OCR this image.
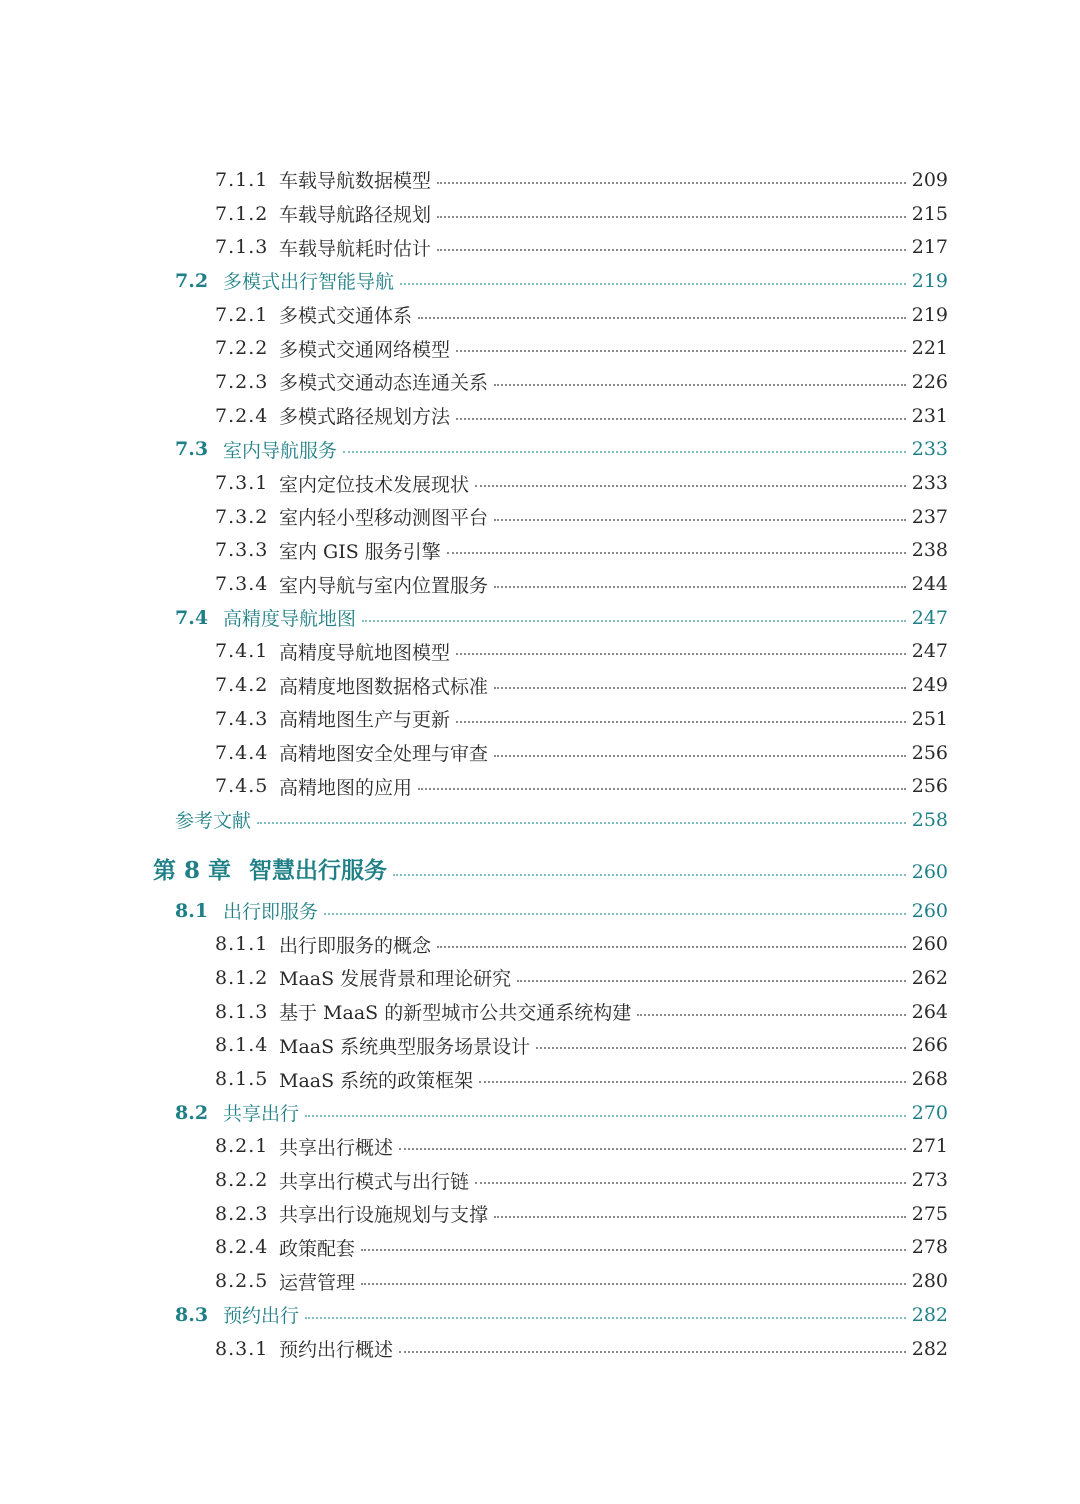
7.1.1 车载导航数据模型	209
7.1.2 车载导航路径规划	215
7.1.3 车载导航耗时估计	217
7.2 多模式出行智能导航	219
7.2.1 多模式交通体系	219
7.2.2 多模式交通网络模型	221
7.2.3 多模式交通动态连通关系	226
7.2.4 多模式路径规划方法	231
7.3 室内导航服务	233
7.3.1 室内定位技术发展现状	233
7.3.2 室内轻小型移动测图平台	237
7.3.3 室内 GIS 服务引擎	238
7.3.4 室内导航与室内位置服务	244
7.4 高精度导航地图	247
7.4.1 高精度导航地图模型	247
7.4.2 高精度地图数据格式标准	249
7.4.3 高精地图生产与更新	251
7.4.4 高精地图安全处理与审查	256
7.4.5 高精地图的应用	256
参考文献	258
第 8 章 智慧出行服务	260
8.1 出行即服务	260
8.1.1 出行即服务的概念	260
8.1.2 MaaS 发展背景和理论研究	262
8.1.3 基于 MaaS 的新型城市公共交通系统构建	264
8.1.4 MaaS 系统典型服务场景设计	266
8.1.5 MaaS 系统的政策框架	268
8.2 共享出行	270
8.2.1 共享出行概述	271
8.2.2 共享出行模式与出行链	273
8.2.3 共享出行设施规划与支撑	275
8.2.4 政策配套	278
8.2.5 运营管理	280
8.3 预约出行	282
8.3.1 预约出行概述	282
